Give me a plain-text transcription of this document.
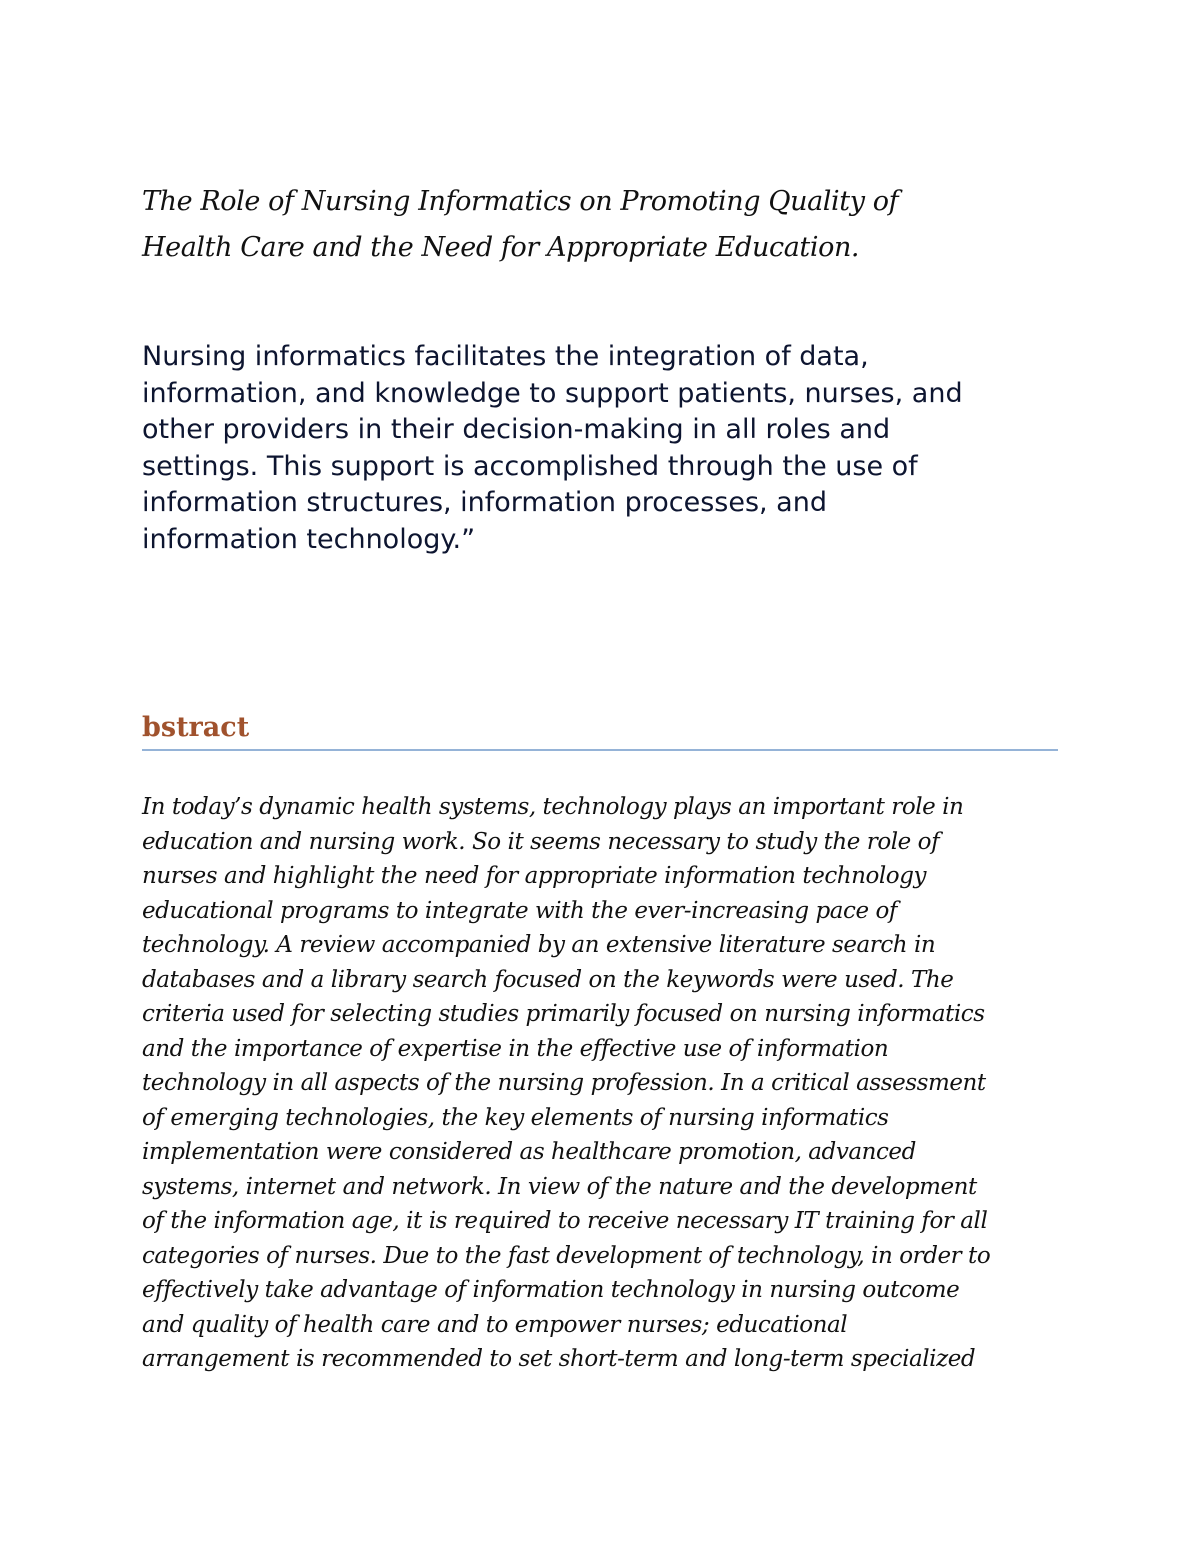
The Role of Nursing Informatics on Promoting Quality of
Health Care and the Need for Appropriate Education.
Nursing informatics facilitates the integration of data,
information, and knowledge to support patients, nurses, and
other providers in their decision-making in all roles and
settings. This support is accomplished through the use of
information structures, information processes, and
information technology.”
bstract
In today’s dynamic health systems, technology plays an important role in
education and nursing work. So it seems necessary to study the role of
nurses and highlight the need for appropriate information technology
educational programs to integrate with the ever-increasing pace of
technology. A review accompanied by an extensive literature search in
databases and a library search focused on the keywords were used. The
criteria used for selecting studies primarily focused on nursing informatics
and the importance of expertise in the effective use of information
technology in all aspects of the nursing profession. In a critical assessment
of emerging technologies, the key elements of nursing informatics
implementation were considered as healthcare promotion, advanced
systems, internet and network. In view of the nature and the development
of the information age, it is required to receive necessary IT training for all
categories of nurses. Due to the fast development of technology, in order to
effectively take advantage of information technology in nursing outcome
and quality of health care and to empower nurses; educational
arrangement is recommended to set short-term and long-term specialized
